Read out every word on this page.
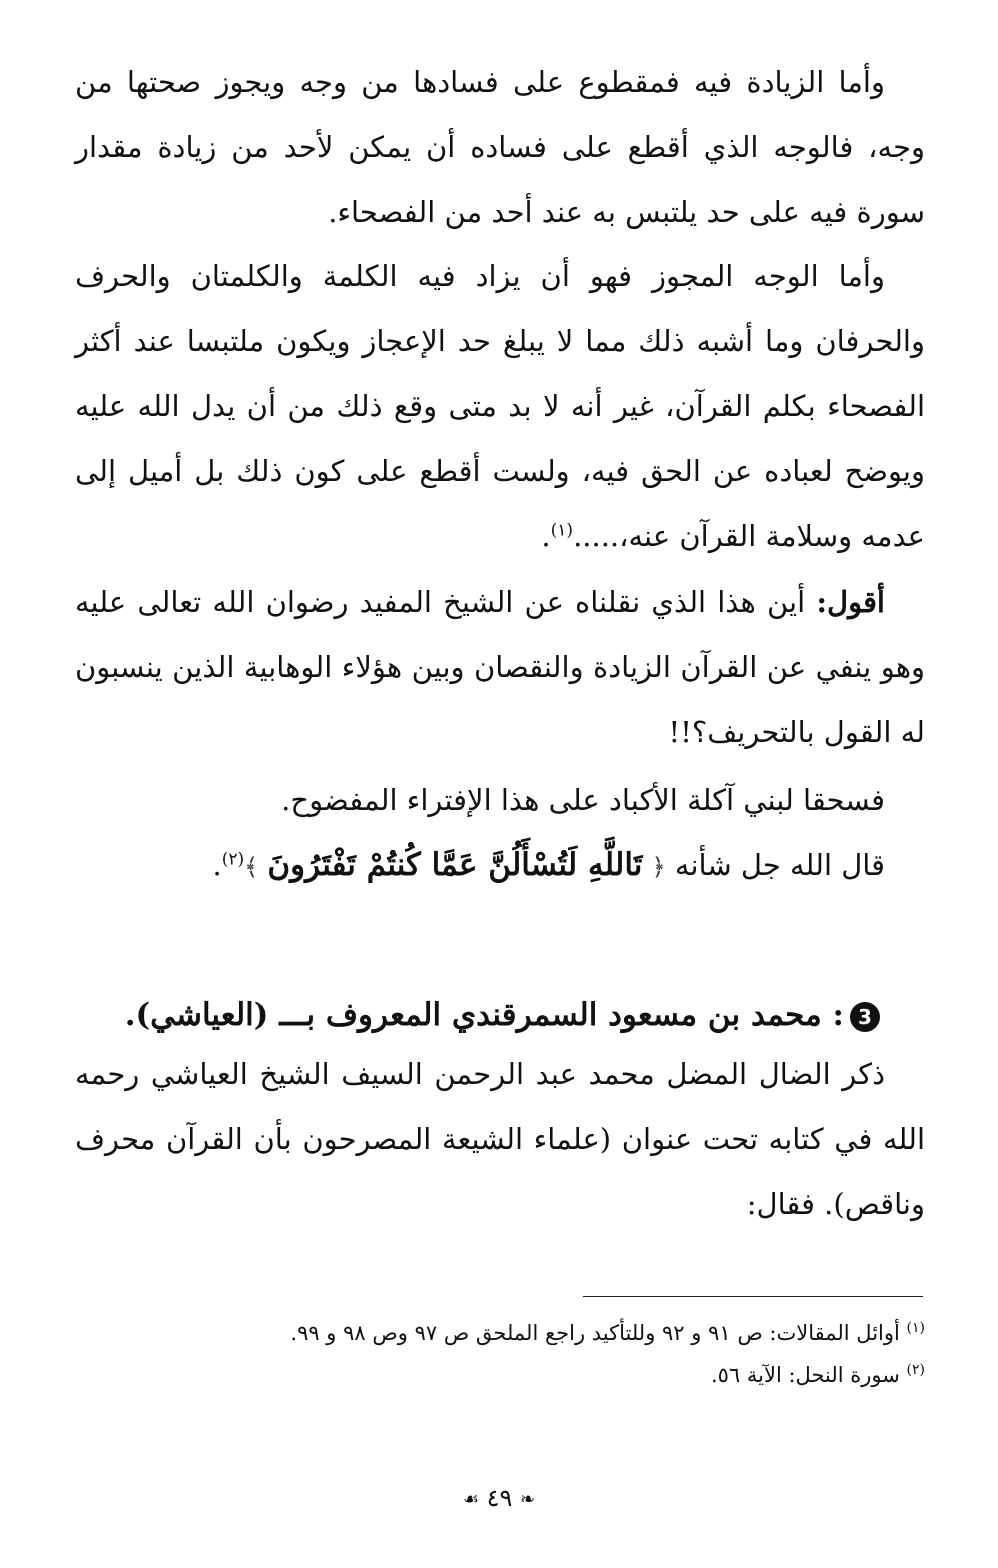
وأما الزيادة فيه فمقطوع على فسادها من وجه ويجوز صحتها من وجه، فالوجه الذي أقطع على فساده أن يمكن لأحد من زيادة مقدار سورة فيه على حد يلتبس به عند أحد من الفصحاء.

وأما الوجه المجوز فهو أن يزاد فيه الكلمة والكلمتان والحرف والحرفان وما أشبه ذلك مما لا يبلغ حد الإعجاز ويكون ملتبسا عند أكثر الفصحاء بكلم القرآن، غير أنه لا بد متى وقع ذلك من أن يدل الله عليه ويوضح لعباده عن الحق فيه، ولست أقطع على كون ذلك بل أميل إلى عدمه وسلامة القرآن عنه،.....$^{(١)}$.

أقول: أين هذا الذي نقلناه عن الشيخ المفيد رضوان الله تعالى عليه وهو ينفي عن القرآن الزيادة والنقصان وبين هؤلاء الوهابية الذين ينسبون له القول بالتحريف؟!!

فسحقا لبني آكلة الأكباد على هذا الإفتراء المفضوح.

قال الله جل شأنه ﴿ تَاللَّهِ لَتُسْأَلُنَّ عَمَّا كُنتُمْ تَفْتَرُونَ ﴾$^{(٢)}$.

3: محمد بن مسعود السمرقندي المعروف بـــ (العياشي).

ذكر الضال المضل محمد عبد الرحمن السيف الشيخ العياشي رحمه الله في كتابه تحت عنوان (علماء الشيعة المصرحون بأن القرآن محرف وناقص). فقال:

$^{(١)}$ أوائل المقالات: ص ٩١ و ٩٢ وللتأكيد راجع الملحق ص ٩٧ وص ٩٨ و ٩٩.

$^{(٢)}$ سورة النحل: الآية ٥٦.

❧ ٤٩ ☙
